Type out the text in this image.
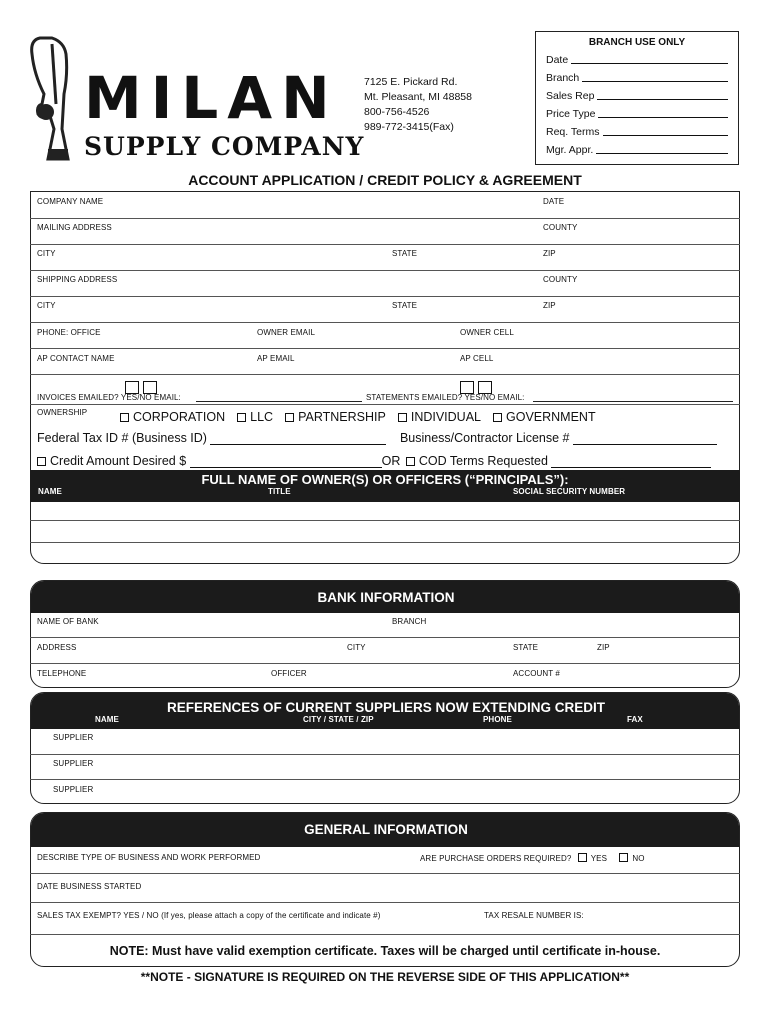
MILAN
SUPPLY COMPANY
7125 E. Pickard Rd.
Mt. Pleasant, MI 48858
800-756-4526
989-772-3415(Fax)
BRANCH USE ONLY
Date
Branch
Sales Rep
Price Type
Req. Terms
Mgr. Appr.
ACCOUNT APPLICATION / CREDIT POLICY & AGREEMENT
COMPANY NAME	DATE
MAILING ADDRESS	COUNTY
CITY	STATE	ZIP
SHIPPING ADDRESS	COUNTY
CITY	STATE	ZIP
PHONE: OFFICE	OWNER EMAIL	OWNER CELL
AP CONTACT NAME	AP EMAIL	AP CELL
INVOICES EMAILED? YES/NO EMAIL:	STATEMENTS EMAILED? YES/NO EMAIL:
OWNERSHIP	CORPORATION	LLC	PARTNERSHIP	INDIVIDUAL	GOVERNMENT
Federal Tax ID # (Business ID)	Business/Contractor License #
Credit Amount Desired $	OR COD Terms Requested
FULL NAME OF OWNER(S) OR OFFICERS (“PRINCIPALS”):
NAME	TITLE	SOCIAL SECURITY NUMBER
BANK INFORMATION
NAME OF BANK	BRANCH
ADDRESS	CITY	STATE	ZIP
TELEPHONE	OFFICER	ACCOUNT #
REFERENCES OF CURRENT SUPPLIERS NOW EXTENDING CREDIT
NAME	CITY / STATE / ZIP	PHONE	FAX
SUPPLIER
SUPPLIER
SUPPLIER
GENERAL INFORMATION
DESCRIBE TYPE OF BUSINESS AND WORK PERFORMED	ARE PURCHASE ORDERS REQUIRED? YES	NO
DATE BUSINESS STARTED
SALES TAX EXEMPT? YES / NO (If yes, please attach a copy of the certificate and indicate #)	TAX RESALE NUMBER IS:
NOTE: Must have valid exemption certificate. Taxes will be charged until certificate in-house.
**NOTE - SIGNATURE IS REQUIRED ON THE REVERSE SIDE OF THIS APPLICATION**
